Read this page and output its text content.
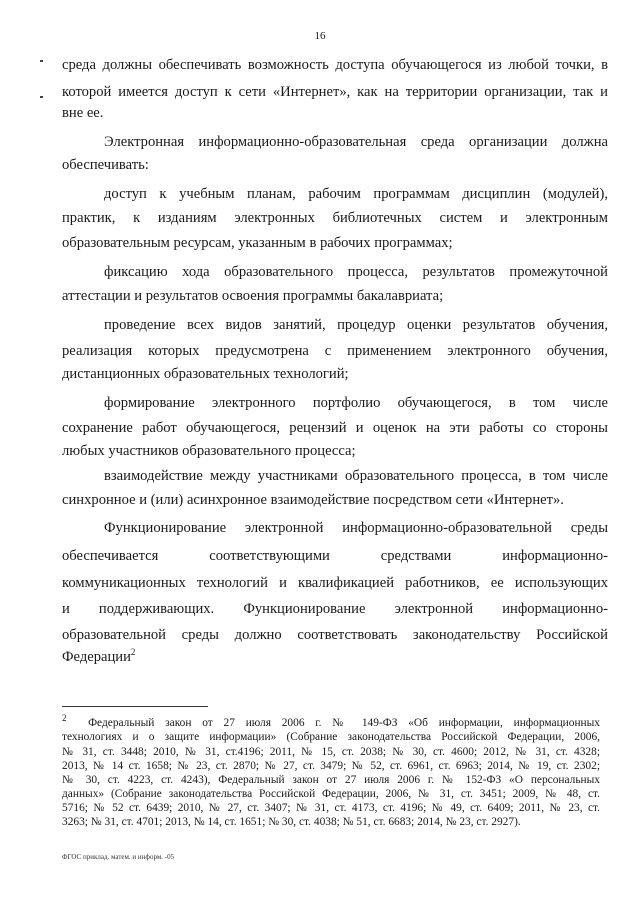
16
среда должны обеспечивать возможность доступа обучающегося из любой точки, в
которой имеется доступ к сети «Интернет», как на территории организации, так и
вне ее.
Электронная информационно-образовательная среда организации должна
обеспечивать:
доступ к учебным планам, рабочим программам дисциплин (модулей),
практик, к изданиям электронных библиотечных систем и электронным
образовательным ресурсам, указанным в рабочих программах;
фиксацию хода образовательного процесса, результатов промежуточной
аттестации и результатов освоения программы бакалавриата;
проведение всех видов занятий, процедур оценки результатов обучения,
реализация которых предусмотрена с применением электронного обучения,
дистанционных образовательных технологий;
формирование электронного портфолио обучающегося, в том числе
сохранение работ обучающегося, рецензий и оценок на эти работы со стороны
любых участников образовательного процесса;
взаимодействие между участниками образовательного процесса, в том числе
синхронное и (или) асинхронное взаимодействие посредством сети «Интернет».
Функционирование электронной информационно-образовательной среды
обеспечивается соответствующими средствами информационно-
коммуникационных технологий и квалификацией работников, ее использующих
и поддерживающих. Функционирование электронной информационно-
образовательной среды должно соответствовать законодательству Российской
Федерации$^2$
$^2$ Федеральный закон от 27 июля 2006 г. № 149-ФЗ «Об информации, информационных
технологиях и о защите информации» (Собрание законодательства Российской Федерации, 2006,
№ 31, ст. 3448; 2010, № 31, ст.4196; 2011, № 15, ст. 2038; № 30, ст. 4600; 2012, № 31, ст. 4328;
2013, № 14 ст. 1658; № 23, ст. 2870; № 27, ст. 3479; № 52, ст. 6961, ст. 6963; 2014, № 19, ст. 2302;
№ 30, ст. 4223, ст. 4243), Федеральный закон от 27 июля 2006 г. № 152-ФЗ «О персональных
данных» (Собрание законодательства Российской Федерации, 2006, № 31, ст. 3451; 2009, № 48, ст.
5716; № 52 ст. 6439; 2010, № 27, ст. 3407; № 31, ст. 4173, ст. 4196; № 49, ст. 6409; 2011, № 23, ст.
3263; № 31, ст. 4701; 2013, № 14, ст. 1651; № 30, ст. 4038; № 51, ст. 6683; 2014, № 23, ст. 2927).
ФГОС приклад. матем. и информ. -05
